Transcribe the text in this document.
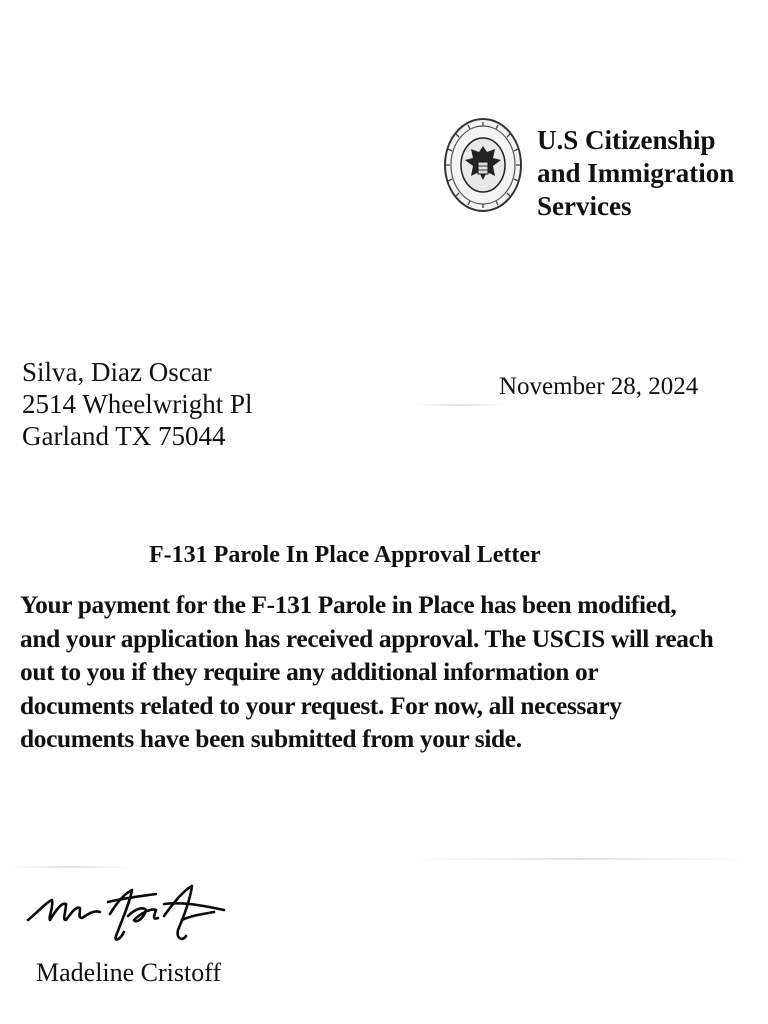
U.S Citizenship
and Immigration
Services
Silva, Diaz Oscar
2514 Wheelwright Pl
Garland TX 75044
November 28, 2024
F-131 Parole In Place Approval Letter
Your payment for the F-131 Parole in Place has been modified,
and your application has received approval. The USCIS will reach
out to you if they require any additional information or
documents related to your request. For now, all necessary
documents have been submitted from your side.
Madeline Cristoff
